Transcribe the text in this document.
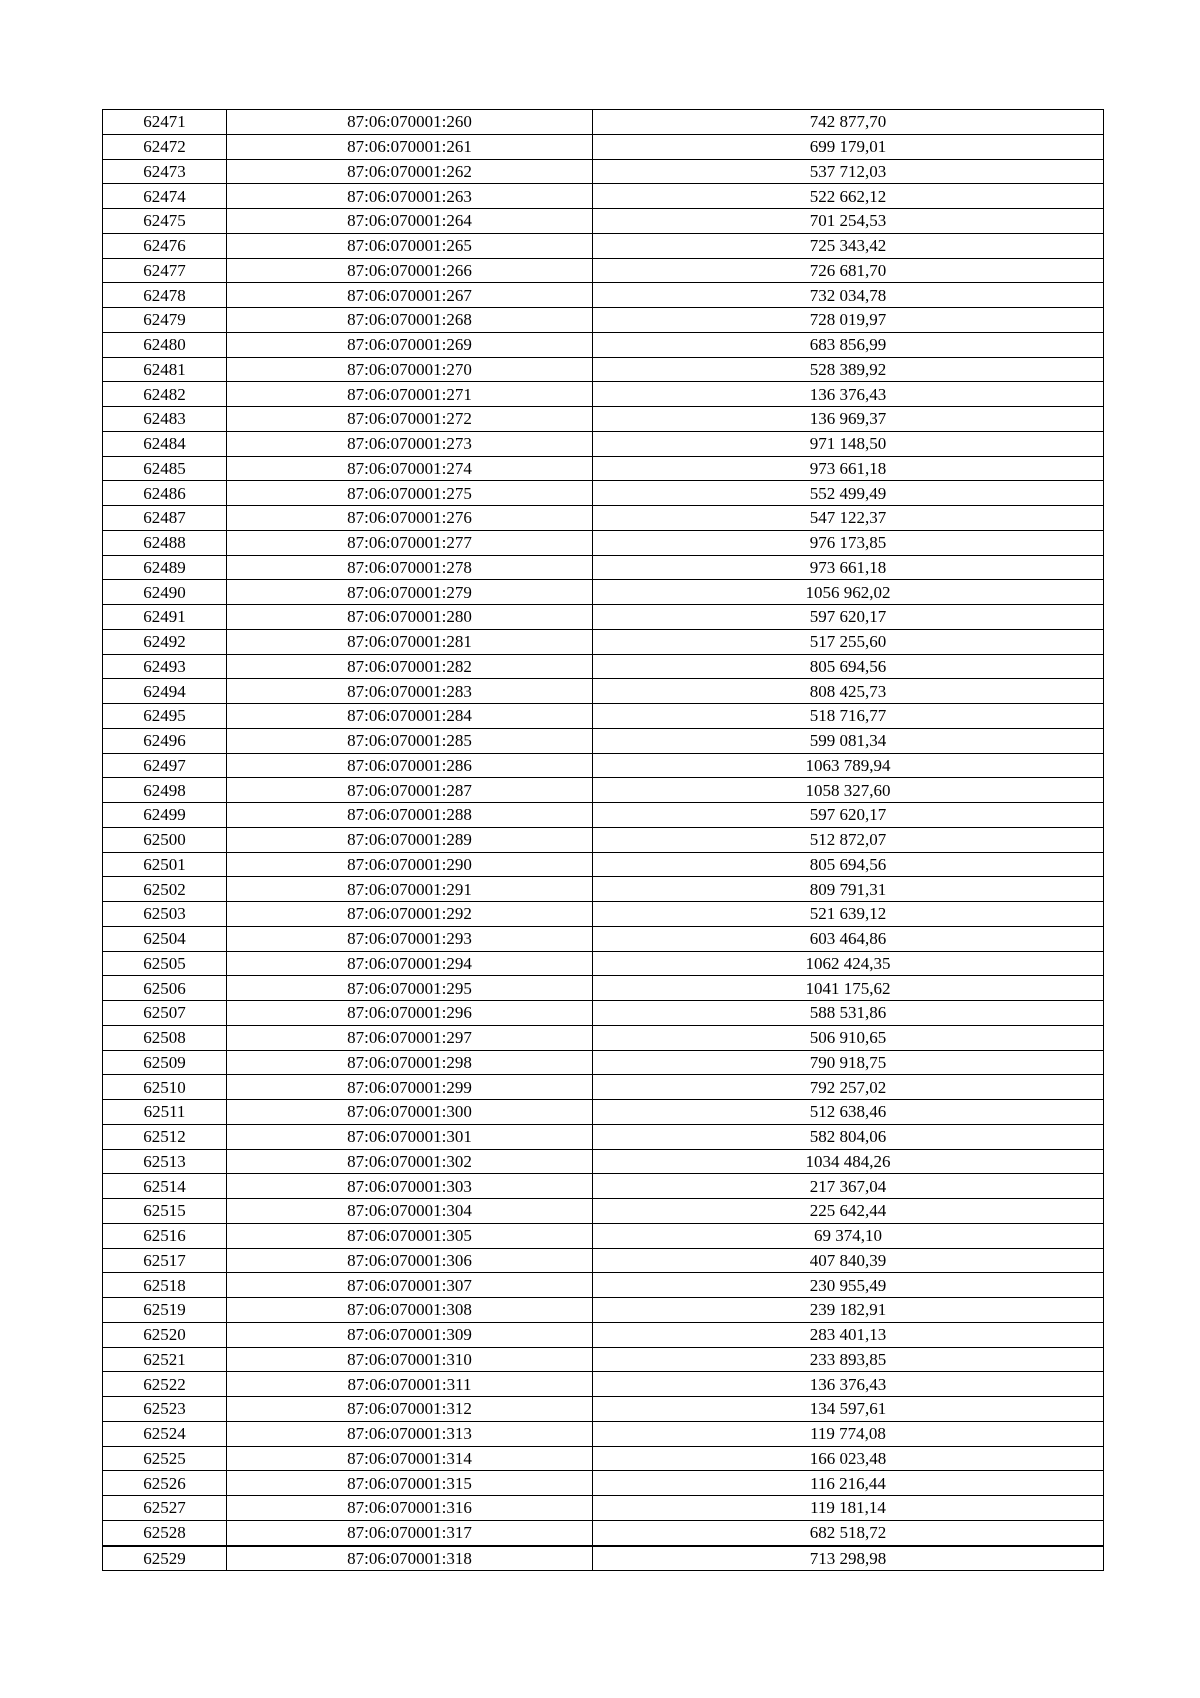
62471	87:06:070001:260	742 877,70
62472	87:06:070001:261	699 179,01
62473	87:06:070001:262	537 712,03
62474	87:06:070001:263	522 662,12
62475	87:06:070001:264	701 254,53
62476	87:06:070001:265	725 343,42
62477	87:06:070001:266	726 681,70
62478	87:06:070001:267	732 034,78
62479	87:06:070001:268	728 019,97
62480	87:06:070001:269	683 856,99
62481	87:06:070001:270	528 389,92
62482	87:06:070001:271	136 376,43
62483	87:06:070001:272	136 969,37
62484	87:06:070001:273	971 148,50
62485	87:06:070001:274	973 661,18
62486	87:06:070001:275	552 499,49
62487	87:06:070001:276	547 122,37
62488	87:06:070001:277	976 173,85
62489	87:06:070001:278	973 661,18
62490	87:06:070001:279	1056 962,02
62491	87:06:070001:280	597 620,17
62492	87:06:070001:281	517 255,60
62493	87:06:070001:282	805 694,56
62494	87:06:070001:283	808 425,73
62495	87:06:070001:284	518 716,77
62496	87:06:070001:285	599 081,34
62497	87:06:070001:286	1063 789,94
62498	87:06:070001:287	1058 327,60
62499	87:06:070001:288	597 620,17
62500	87:06:070001:289	512 872,07
62501	87:06:070001:290	805 694,56
62502	87:06:070001:291	809 791,31
62503	87:06:070001:292	521 639,12
62504	87:06:070001:293	603 464,86
62505	87:06:070001:294	1062 424,35
62506	87:06:070001:295	1041 175,62
62507	87:06:070001:296	588 531,86
62508	87:06:070001:297	506 910,65
62509	87:06:070001:298	790 918,75
62510	87:06:070001:299	792 257,02
62511	87:06:070001:300	512 638,46
62512	87:06:070001:301	582 804,06
62513	87:06:070001:302	1034 484,26
62514	87:06:070001:303	217 367,04
62515	87:06:070001:304	225 642,44
62516	87:06:070001:305	69 374,10
62517	87:06:070001:306	407 840,39
62518	87:06:070001:307	230 955,49
62519	87:06:070001:308	239 182,91
62520	87:06:070001:309	283 401,13
62521	87:06:070001:310	233 893,85
62522	87:06:070001:311	136 376,43
62523	87:06:070001:312	134 597,61
62524	87:06:070001:313	119 774,08
62525	87:06:070001:314	166 023,48
62526	87:06:070001:315	116 216,44
62527	87:06:070001:316	119 181,14
62528	87:06:070001:317	682 518,72
62529	87:06:070001:318	713 298,98
